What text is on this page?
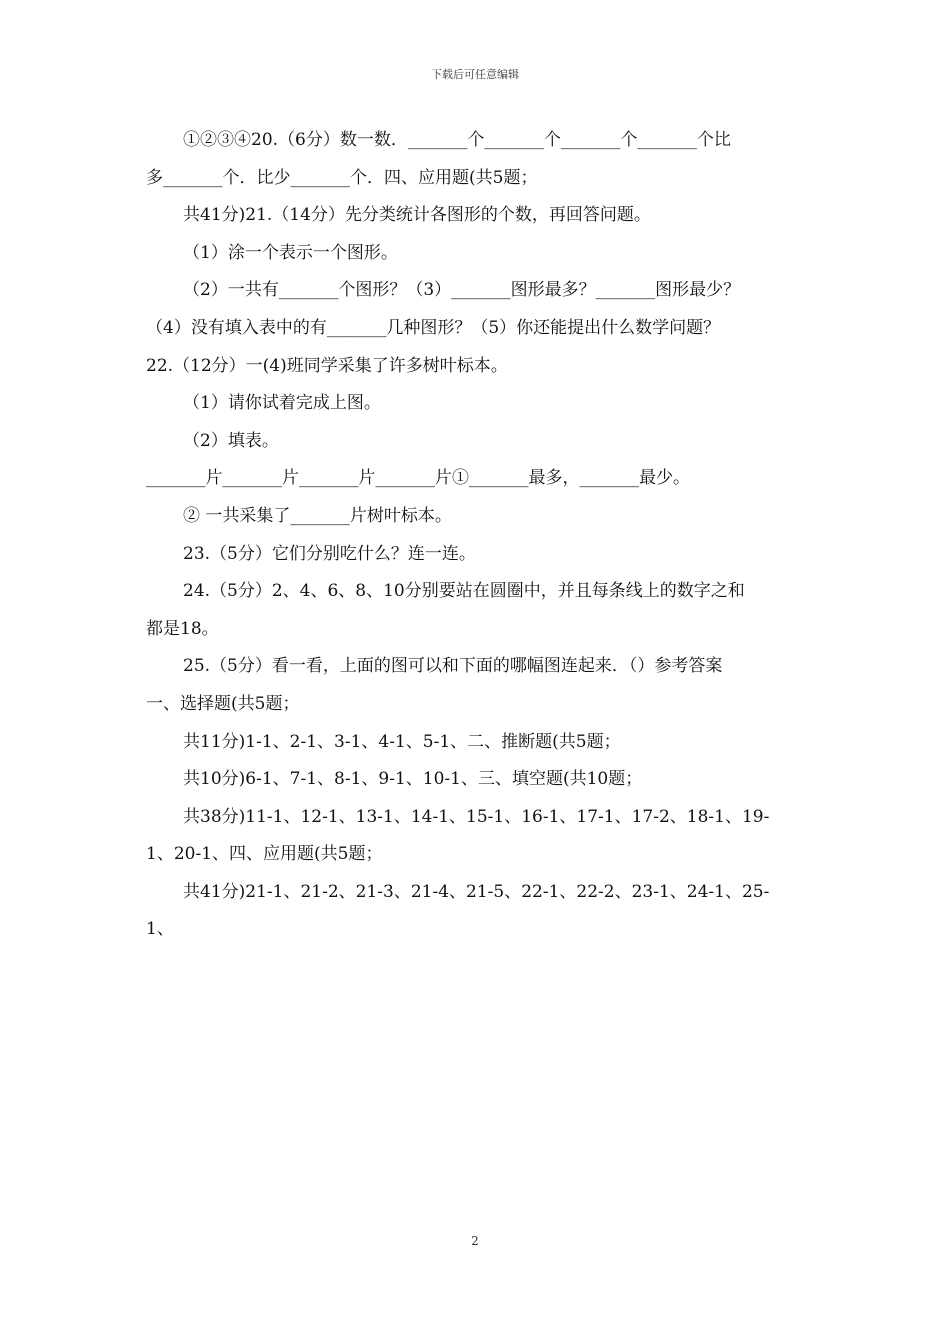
下载后可任意编辑
①②③④20.（6分）数一数．_______个_______个_______个_______个比
多_______个．比少_______个．四、应用题(共5题；
共41分)21.（14分）先分类统计各图形的个数，再回答问题。
（1）涂一个表示一个图形。
（2）一共有_______个图形？（3）_______图形最多？_______图形最少？
（4）没有填入表中的有_______几种图形？（5）你还能提出什么数学问题？
22.（12分）一(4)班同学采集了许多树叶标本。
（1）请你试着完成上图。
（2）填表。
_______片_______片_______片_______片①_______最多，_______最少。
② 一共采集了_______片树叶标本。
23.（5分）它们分别吃什么？连一连。
24.（5分）2、4、6、8、10分别要站在圆圈中，并且每条线上的数字之和
都是18。
25.（5分）看一看，上面的图可以和下面的哪幅图连起来．（）参考答案
一、选择题(共5题；
共11分)1-1、2-1、3-1、4-1、5-1、二、推断题(共5题；
共10分)6-1、7-1、8-1、9-1、10-1、三、填空题(共10题；
共38分)11-1、12-1、13-1、14-1、15-1、16-1、17-1、17-2、18-1、19-
1、20-1、四、应用题(共5题；
共41分)21-1、21-2、21-3、21-4、21-5、22-1、22-2、23-1、24-1、25-
1、
2
